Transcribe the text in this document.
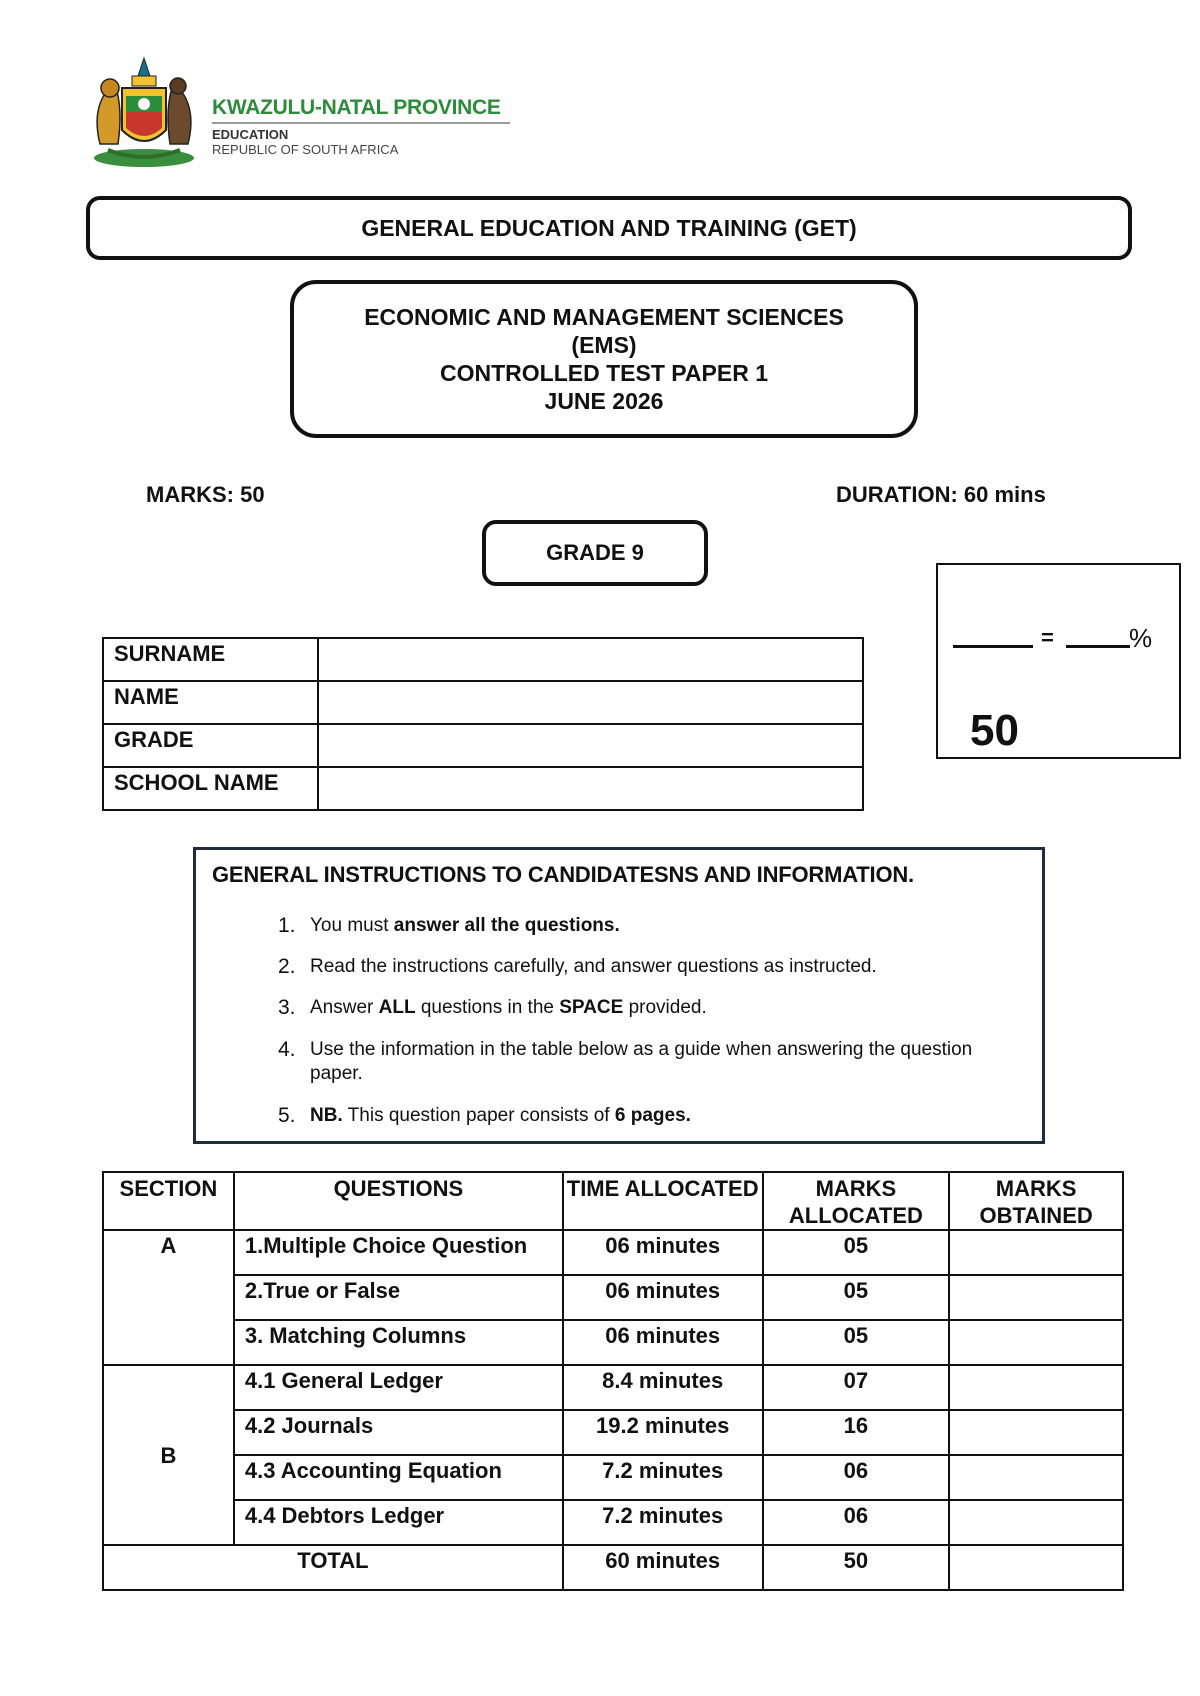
KWAZULU-NATAL PROVINCE
EDUCATION
REPUBLIC OF SOUTH AFRICA
GENERAL EDUCATION AND TRAINING (GET)
ECONOMIC AND MANAGEMENT SCIENCES
(EMS)
CONTROLLED TEST PAPER 1
JUNE 2026
MARKS: 50	DURATION: 60 mins
GRADE 9
=	%
50
SURNAME	
NAME	
GRADE	
SCHOOL NAME	
GENERAL INSTRUCTIONS TO CANDIDATESNS AND INFORMATION.
1. You must answer all the questions.
2. Read the instructions carefully, and answer questions as instructed.
3. Answer ALL questions in the SPACE provided.
4. Use the information in the table below as a guide when answering the question paper.
5. NB. This question paper consists of 6 pages.
SECTION	QUESTIONS	TIME ALLOCATED	MARKS ALLOCATED	MARKS OBTAINED
A	1.Multiple Choice Question	06 minutes	05	
	2.True or False	06 minutes	05	
	3. Matching Columns	06 minutes	05	
B	4.1 General Ledger	8.4 minutes	07	
	4.2 Journals	19.2 minutes	16	
	4.3 Accounting Equation	7.2 minutes	06	
	4.4 Debtors Ledger	7.2 minutes	06	
TOTAL		60 minutes	50	
